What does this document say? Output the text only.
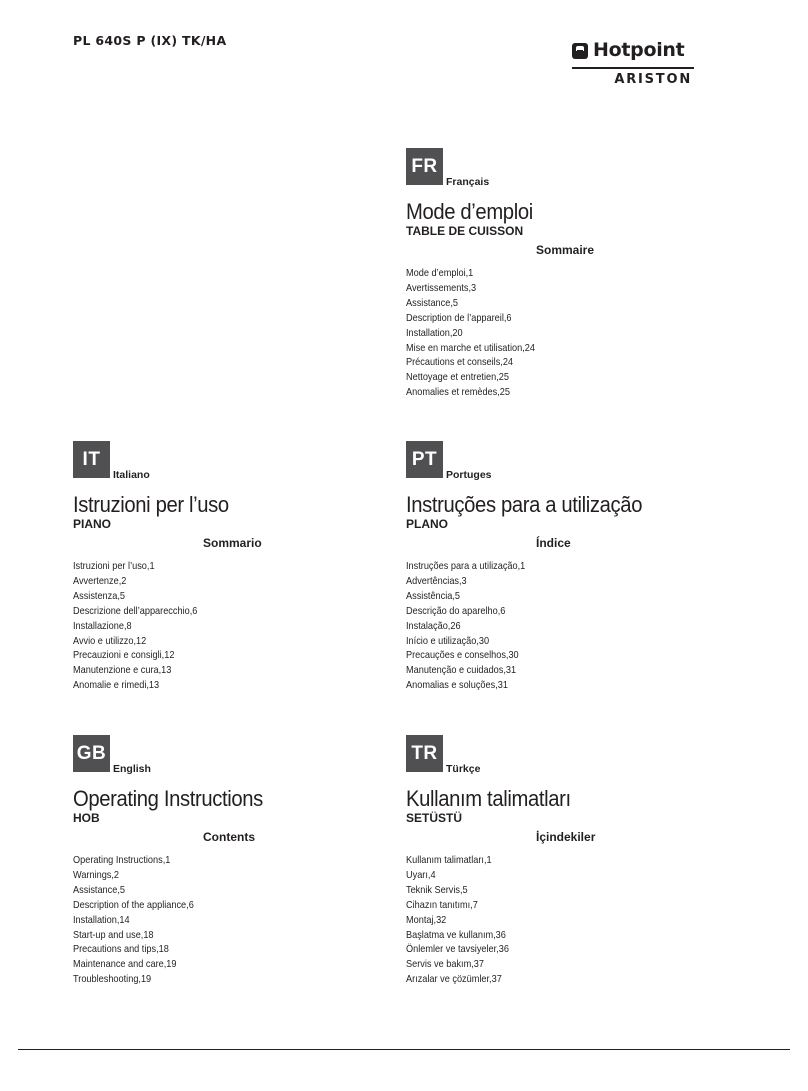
PL 640S P (IX) TK/HA	Hotpoint
ARISTON
FR
Français
Mode d’emploi
TABLE DE CUISSON
Sommaire
Mode d’emploi,1
Avertissements,3
Assistance,5
Description de l’appareil,6
Installation,20
Mise en marche et utilisation,24
Précautions et conseils,24
Nettoyage et entretien,25
Anomalies et remèdes,25
IT
Italiano
Istruzioni per l’uso
PIANO
Sommario
Istruzioni per l’uso,1
Avvertenze,2
Assistenza,5
Descrizione dell’apparecchio,6
Installazione,8
Avvio e utilizzo,12
Precauzioni e consigli,12
Manutenzione e cura,13
Anomalie e rimedi,13
PT
Portuges
Instruções para a utilização
PLANO
Índice
Instruções para a utilização,1
Advertências,3
Assistência,5
Descrição do aparelho,6
Instalação,26
Início e utilização,30
Precauções e conselhos,30
Manutenção e cuidados,31
Anomalias e soluções,31
GB
English
Operating Instructions
HOB
Contents
Operating Instructions,1
Warnings,2
Assistance,5
Description of the appliance,6
Installation,14
Start-up and use,18
Precautions and tips,18
Maintenance and care,19
Troubleshooting,19
TR
Türkçe
Kullanım talimatları
SETÜSTÜ
İçindekiler
Kullanım talimatları,1
Uyarı,4
Teknik Servis,5
Cihazın tanıtımı,7
Montaj,32
Başlatma ve kullanım,36
Önlemler ve tavsiyeler,36
Servis ve bakım,37
Arızalar ve çözümler,37
